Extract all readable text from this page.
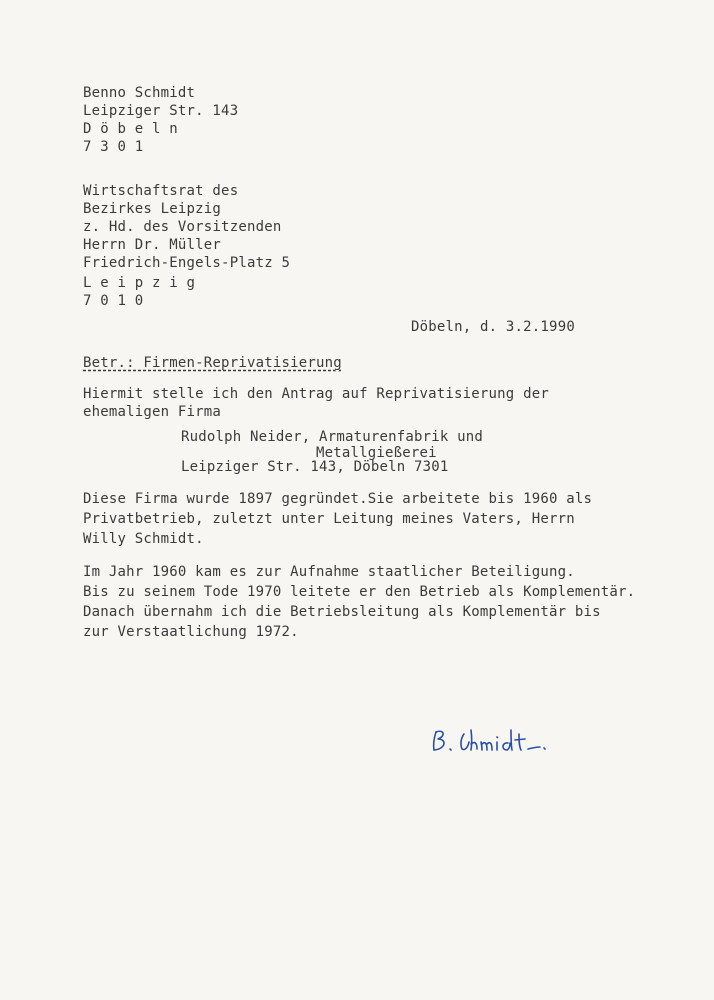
Benno Schmidt
Leipziger Str. 143
D ö b e l n
7 3 0 1
Wirtschaftsrat des
Bezirkes Leipzig
z. Hd. des Vorsitzenden
Herrn Dr. Müller
Friedrich-Engels-Platz 5
L e i p z i g
7 0 1 0
Döbeln, d. 3.2.1990
Betr.: Firmen-Reprivatisierung
Hiermit stelle ich den Antrag auf Reprivatisierung der
ehemaligen Firma
Rudolph Neider, Armaturenfabrik und
Metallgießerei
Leipziger Str. 143, Döbeln 7301
Diese Firma wurde 1897 gegründet.Sie arbeitete bis 1960 als
Privatbetrieb, zuletzt unter Leitung meines Vaters, Herrn
Willy Schmidt.
Im Jahr 1960 kam es zur Aufnahme staatlicher Beteiligung.
Bis zu seinem Tode 1970 leitete er den Betrieb als Komplementär.
Danach übernahm ich die Betriebsleitung als Komplementär bis
zur Verstaatlichung 1972.
